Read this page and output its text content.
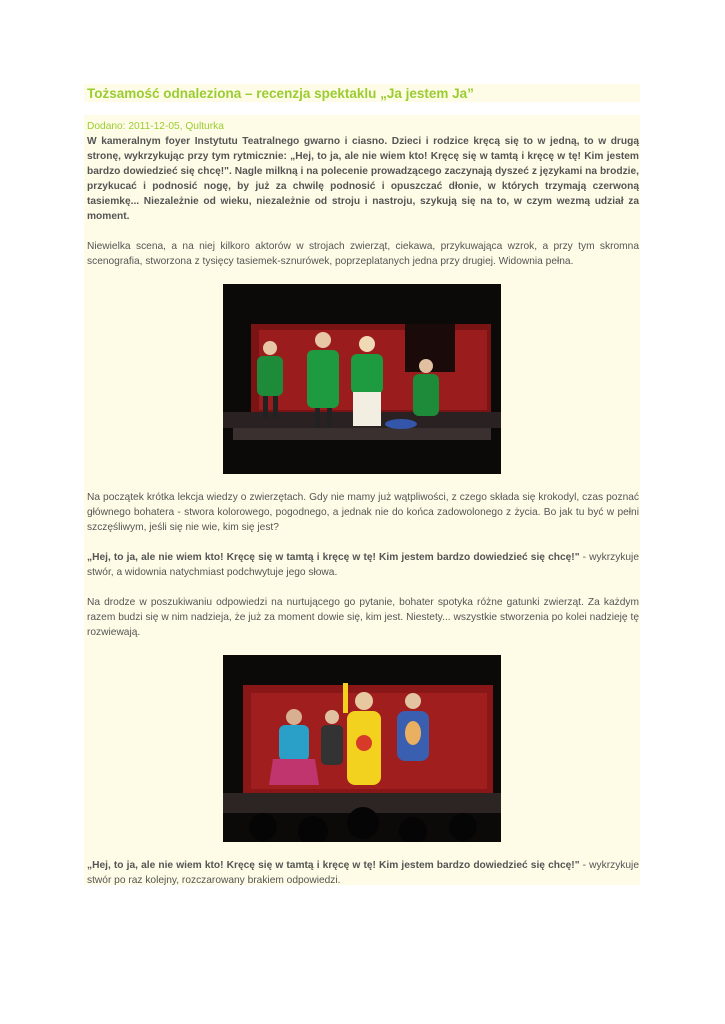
Tożsamość odnaleziona – recenzja spektaklu „Ja jestem Ja”

Dodano: 2011-12-05, Qulturka

W kameralnym foyer Instytutu Teatralnego gwarno i ciasno. Dzieci i rodzice kręcą się to w jedną, to w drugą stronę, wykrzykując przy tym rytmicznie: „Hej, to ja, ale nie wiem kto! Kręcę się w tamtą i kręcę w tę! Kim jestem bardzo dowiedzieć się chcę!". Nagle milkną i na polecenie prowadzącego zaczynają dyszeć z językami na brodzie, przykucać i podnosić nogę, by już za chwilę podnosić i opuszczać dłonie, w których trzymają czerwoną tasiemkę... Niezależnie od wieku, niezależnie od stroju i nastroju, szykują się na to, w czym wezmą udział za moment.

Niewielka scena, a na niej kilkoro aktorów w strojach zwierząt, ciekawa, przykuwająca wzrok, a przy tym skromna scenografia, stworzona z tysięcy tasiemek-sznurówek, poprzeplatanych jedna przy drugiej. Widownia pełna.

Na początek krótka lekcja wiedzy o zwierzętach. Gdy nie mamy już wątpliwości, z czego składa się krokodyl, czas poznać głównego bohatera - stwora kolorowego, pogodnego, a jednak nie do końca zadowolonego z życia. Bo jak tu być w pełni szczęśliwym, jeśli się nie wie, kim się jest?

„Hej, to ja, ale nie wiem kto! Kręcę się w tamtą i kręcę w tę! Kim jestem bardzo dowiedzieć się chcę!" - wykrzykuje stwór, a widownia natychmiast podchwytuje jego słowa.

Na drodze w poszukiwaniu odpowiedzi na nurtującego go pytanie, bohater spotyka różne gatunki zwierząt. Za każdym razem budzi się w nim nadzieja, że już za moment dowie się, kim jest. Niestety... wszystkie stworzenia po kolei nadzieję tę rozwiewają.

„Hej, to ja, ale nie wiem kto! Kręcę się w tamtą i kręcę w tę! Kim jestem bardzo dowiedzieć się chcę!" - wykrzykuje stwór po raz kolejny, rozczarowany brakiem odpowiedzi.
